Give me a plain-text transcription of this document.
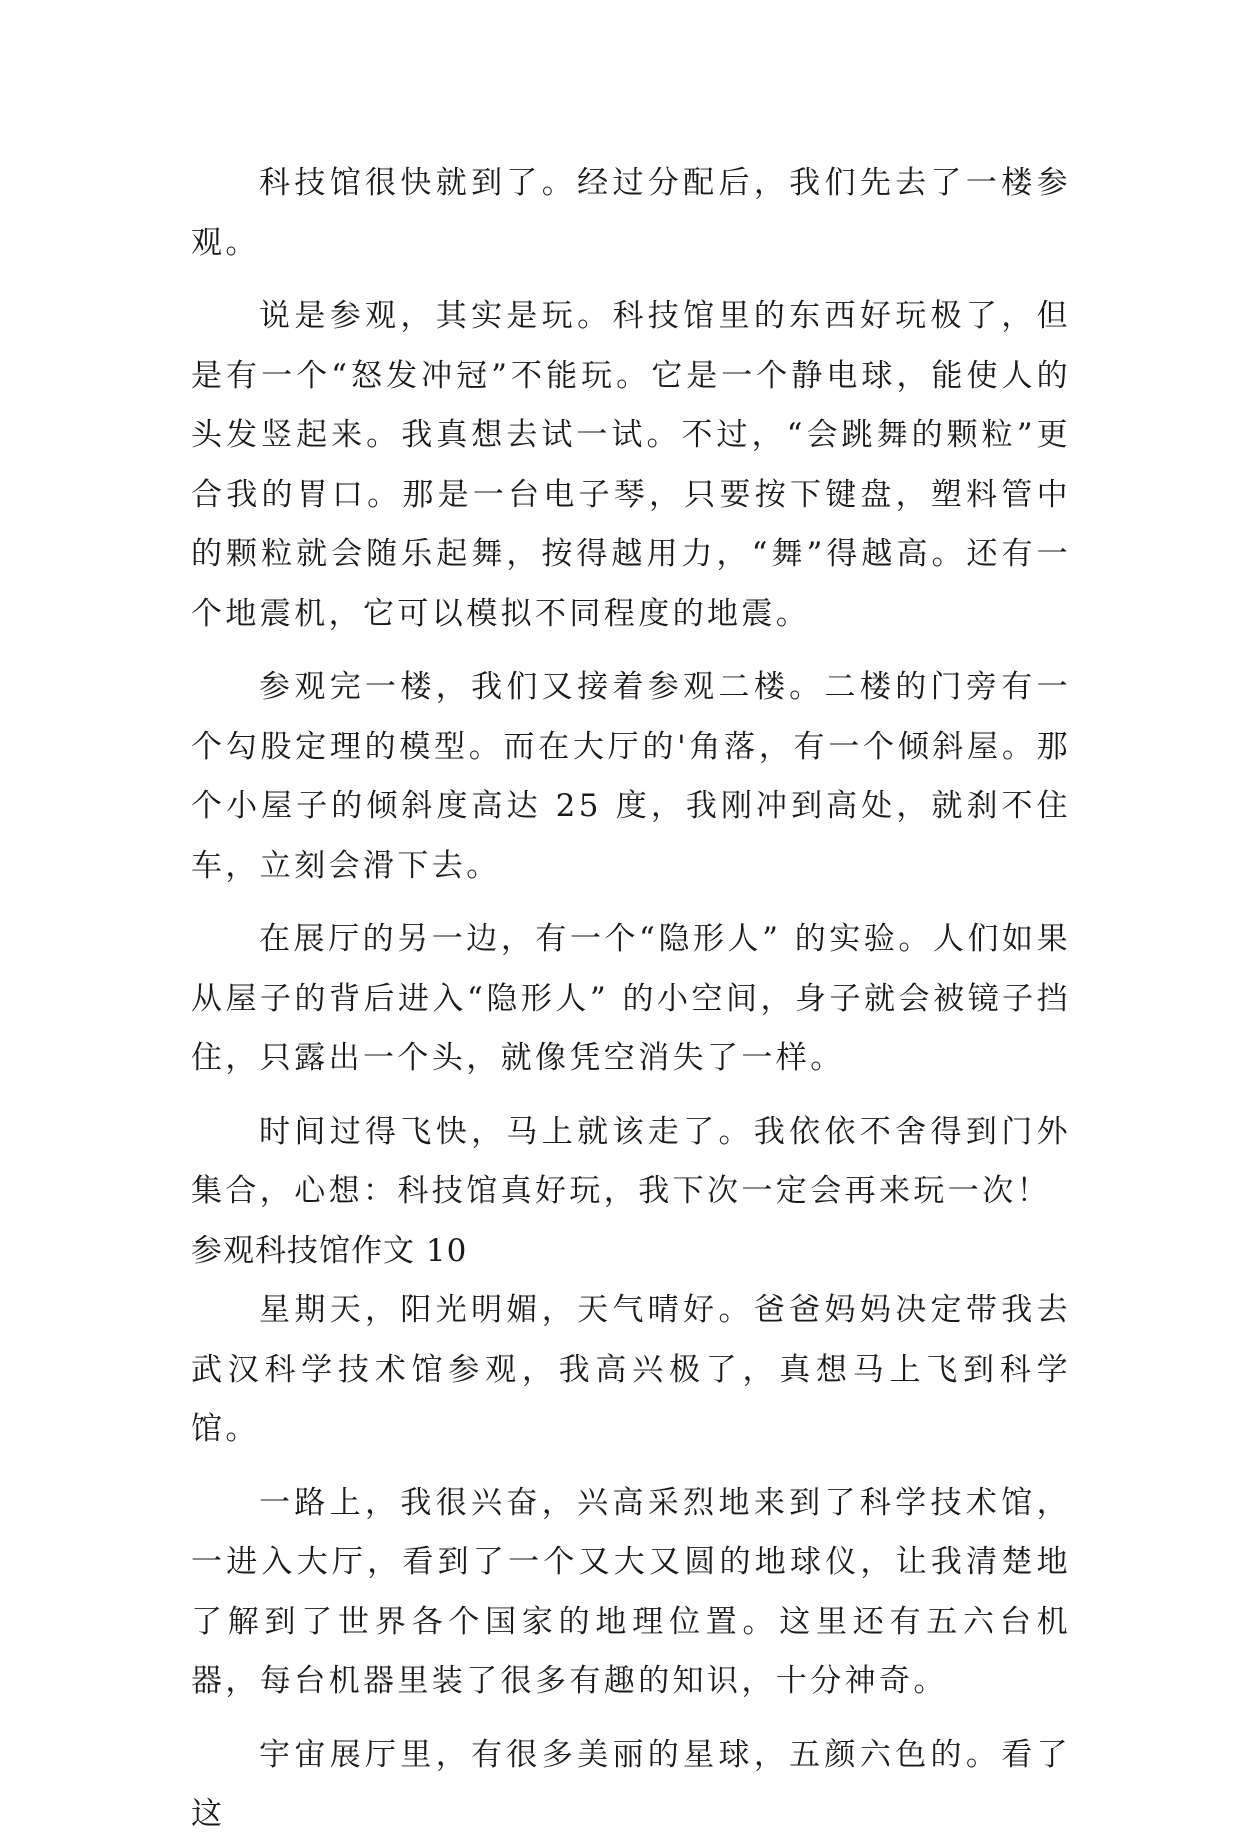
科技馆很快就到了。经过分配后，我们先去了一楼参观。

说是参观，其实是玩。科技馆里的东西好玩极了，但是有一个“怒发冲冠”不能玩。它是一个静电球，能使人的头发竖起来。我真想去试一试。不过，“会跳舞的颗粒”更合我的胃口。那是一台电子琴，只要按下键盘，塑料管中的颗粒就会随乐起舞，按得越用力，“舞”得越高。还有一个地震机，它可以模拟不同程度的地震。

参观完一楼，我们又接着参观二楼。二楼的门旁有一个勾股定理的模型。而在大厅的'角落，有一个倾斜屋。那个小屋子的倾斜度高达 25 度，我刚冲到高处，就刹不住车，立刻会滑下去。

在展厅的另一边，有一个“隐形人” 的实验。人们如果从屋子的背后进入“隐形人” 的小空间，身子就会被镜子挡住，只露出一个头，就像凭空消失了一样。

时间过得飞快，马上就该走了。我依依不舍得到门外集合，心想：科技馆真好玩，我下次一定会再来玩一次！

参观科技馆作文 10

星期天，阳光明媚，天气晴好。爸爸妈妈决定带我去武汉科学技术馆参观，我高兴极了，真想马上飞到科学馆。

一路上，我很兴奋，兴高采烈地来到了科学技术馆，一进入大厅，看到了一个又大又圆的地球仪，让我清楚地了解到了世界各个国家的地理位置。这里还有五六台机器，每台机器里装了很多有趣的知识，十分神奇。

宇宙展厅里，有很多美丽的星球，五颜六色的。看了这
